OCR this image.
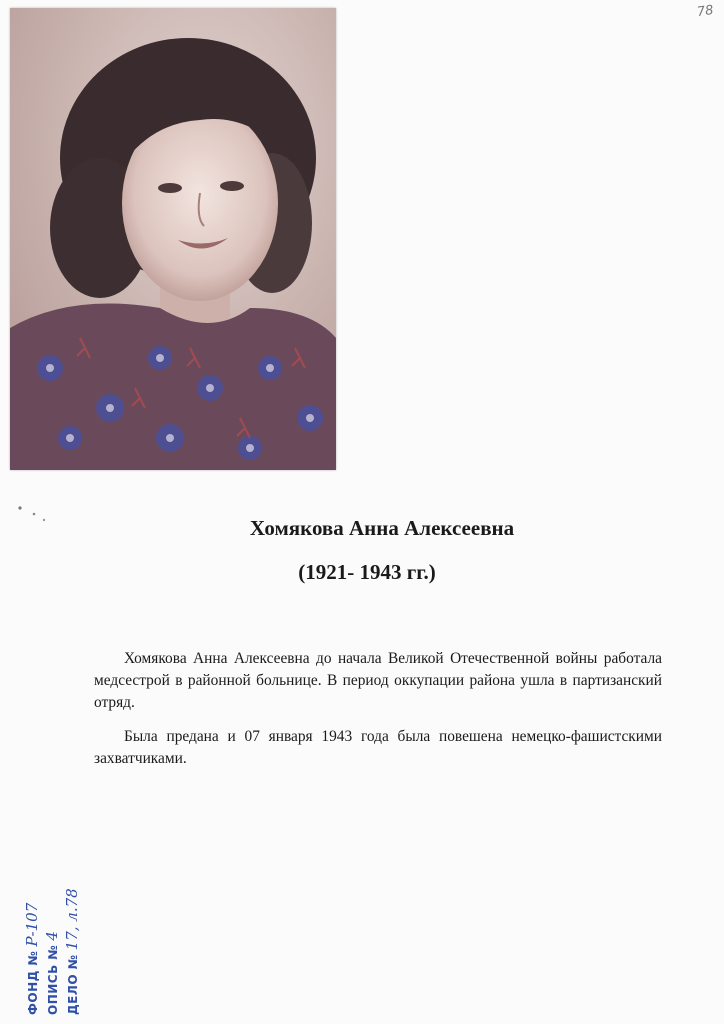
78
Хомякова Анна Алексеевна
(1921- 1943 гг.)

Хомякова Анна Алексеевна до начала Великой Отечественной войны работала медсестрой в районной больнице. В период оккупации района ушла в партизанский отряд.

Была предана и 07 января 1943 года была повешена немецко-фашистскими захватчиками.

ФОНД №Р-107
ОПИСЬ №4
ДЕЛО №17, л.78
